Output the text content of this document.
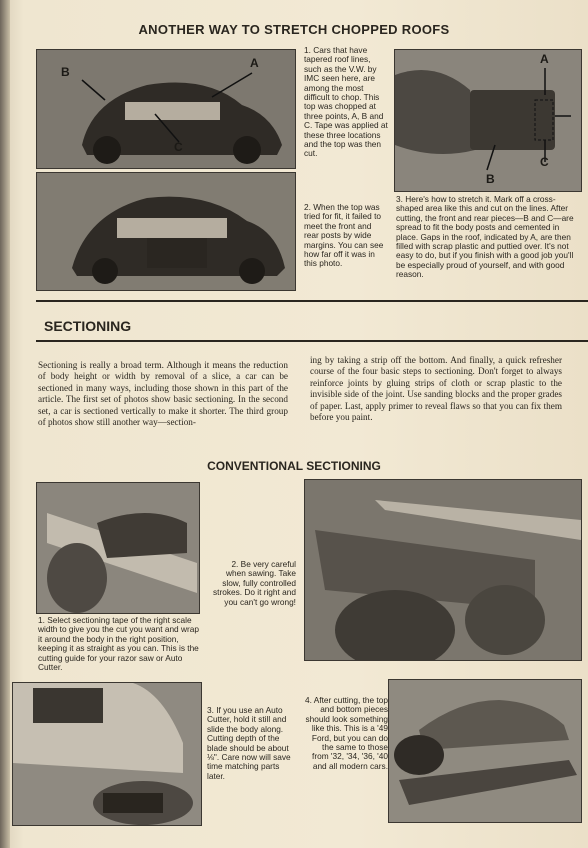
ANOTHER WAY TO STRETCH CHOPPED ROOFS
B
A
C
1. Cars that have tapered roof lines, such as the V.W. by IMC seen here, are among the most difficult to chop. This top was chopped at three points, A, B and C. Tape was applied at these three locations and the top was then cut.
A
B
C
2. When the top was tried for fit, it failed to meet the front and rear posts by wide margins. You can see how far off it was in this photo.
3. Here's how to stretch it. Mark off a cross-shaped area like this and cut on the lines. After cutting, the front and rear pieces—B and C—are spread to fit the body posts and cemented in place. Gaps in the roof, indicated by A, are then filled with scrap plastic and puttied over. It's not easy to do, but if you finish with a good job you'll be especially proud of yourself, and with good reason.
SECTIONING
Sectioning is really a broad term. Although it means the reduction of body height or width by removal of a slice, a car can be sectioned in many ways, including those shown in this part of the article. The first set of photos show basic sectioning. In the second set, a car is sectioned vertically to make it shorter. The third group of photos show still another way—section-
ing by taking a strip off the bottom. And finally, a quick refresher course of the four basic steps to sectioning. Don't forget to always reinforce joints by gluing strips of cloth or scrap plastic to the invisible side of the joint. Use sanding blocks and the proper grades of paper. Last, apply primer to reveal flaws so that you can fix them before you paint.
CONVENTIONAL SECTIONING
1. Select sectioning tape of the right scale width to give you the cut you want and wrap it around the body in the right position, keeping it as straight as you can. This is the cutting guide for your razor saw or Auto Cutter.
2. Be very careful when sawing. Take slow, fully controlled strokes. Do it right and you can't go wrong!
3. If you use an Auto Cutter, hold it still and slide the body along. Cutting depth of the blade should be about ⅛". Care now will save time matching parts later.
4. After cutting, the top and bottom pieces should look something like this. This is a '49 Ford, but you can do the same to those from '32, '34, '36, '40 and all modern cars.
